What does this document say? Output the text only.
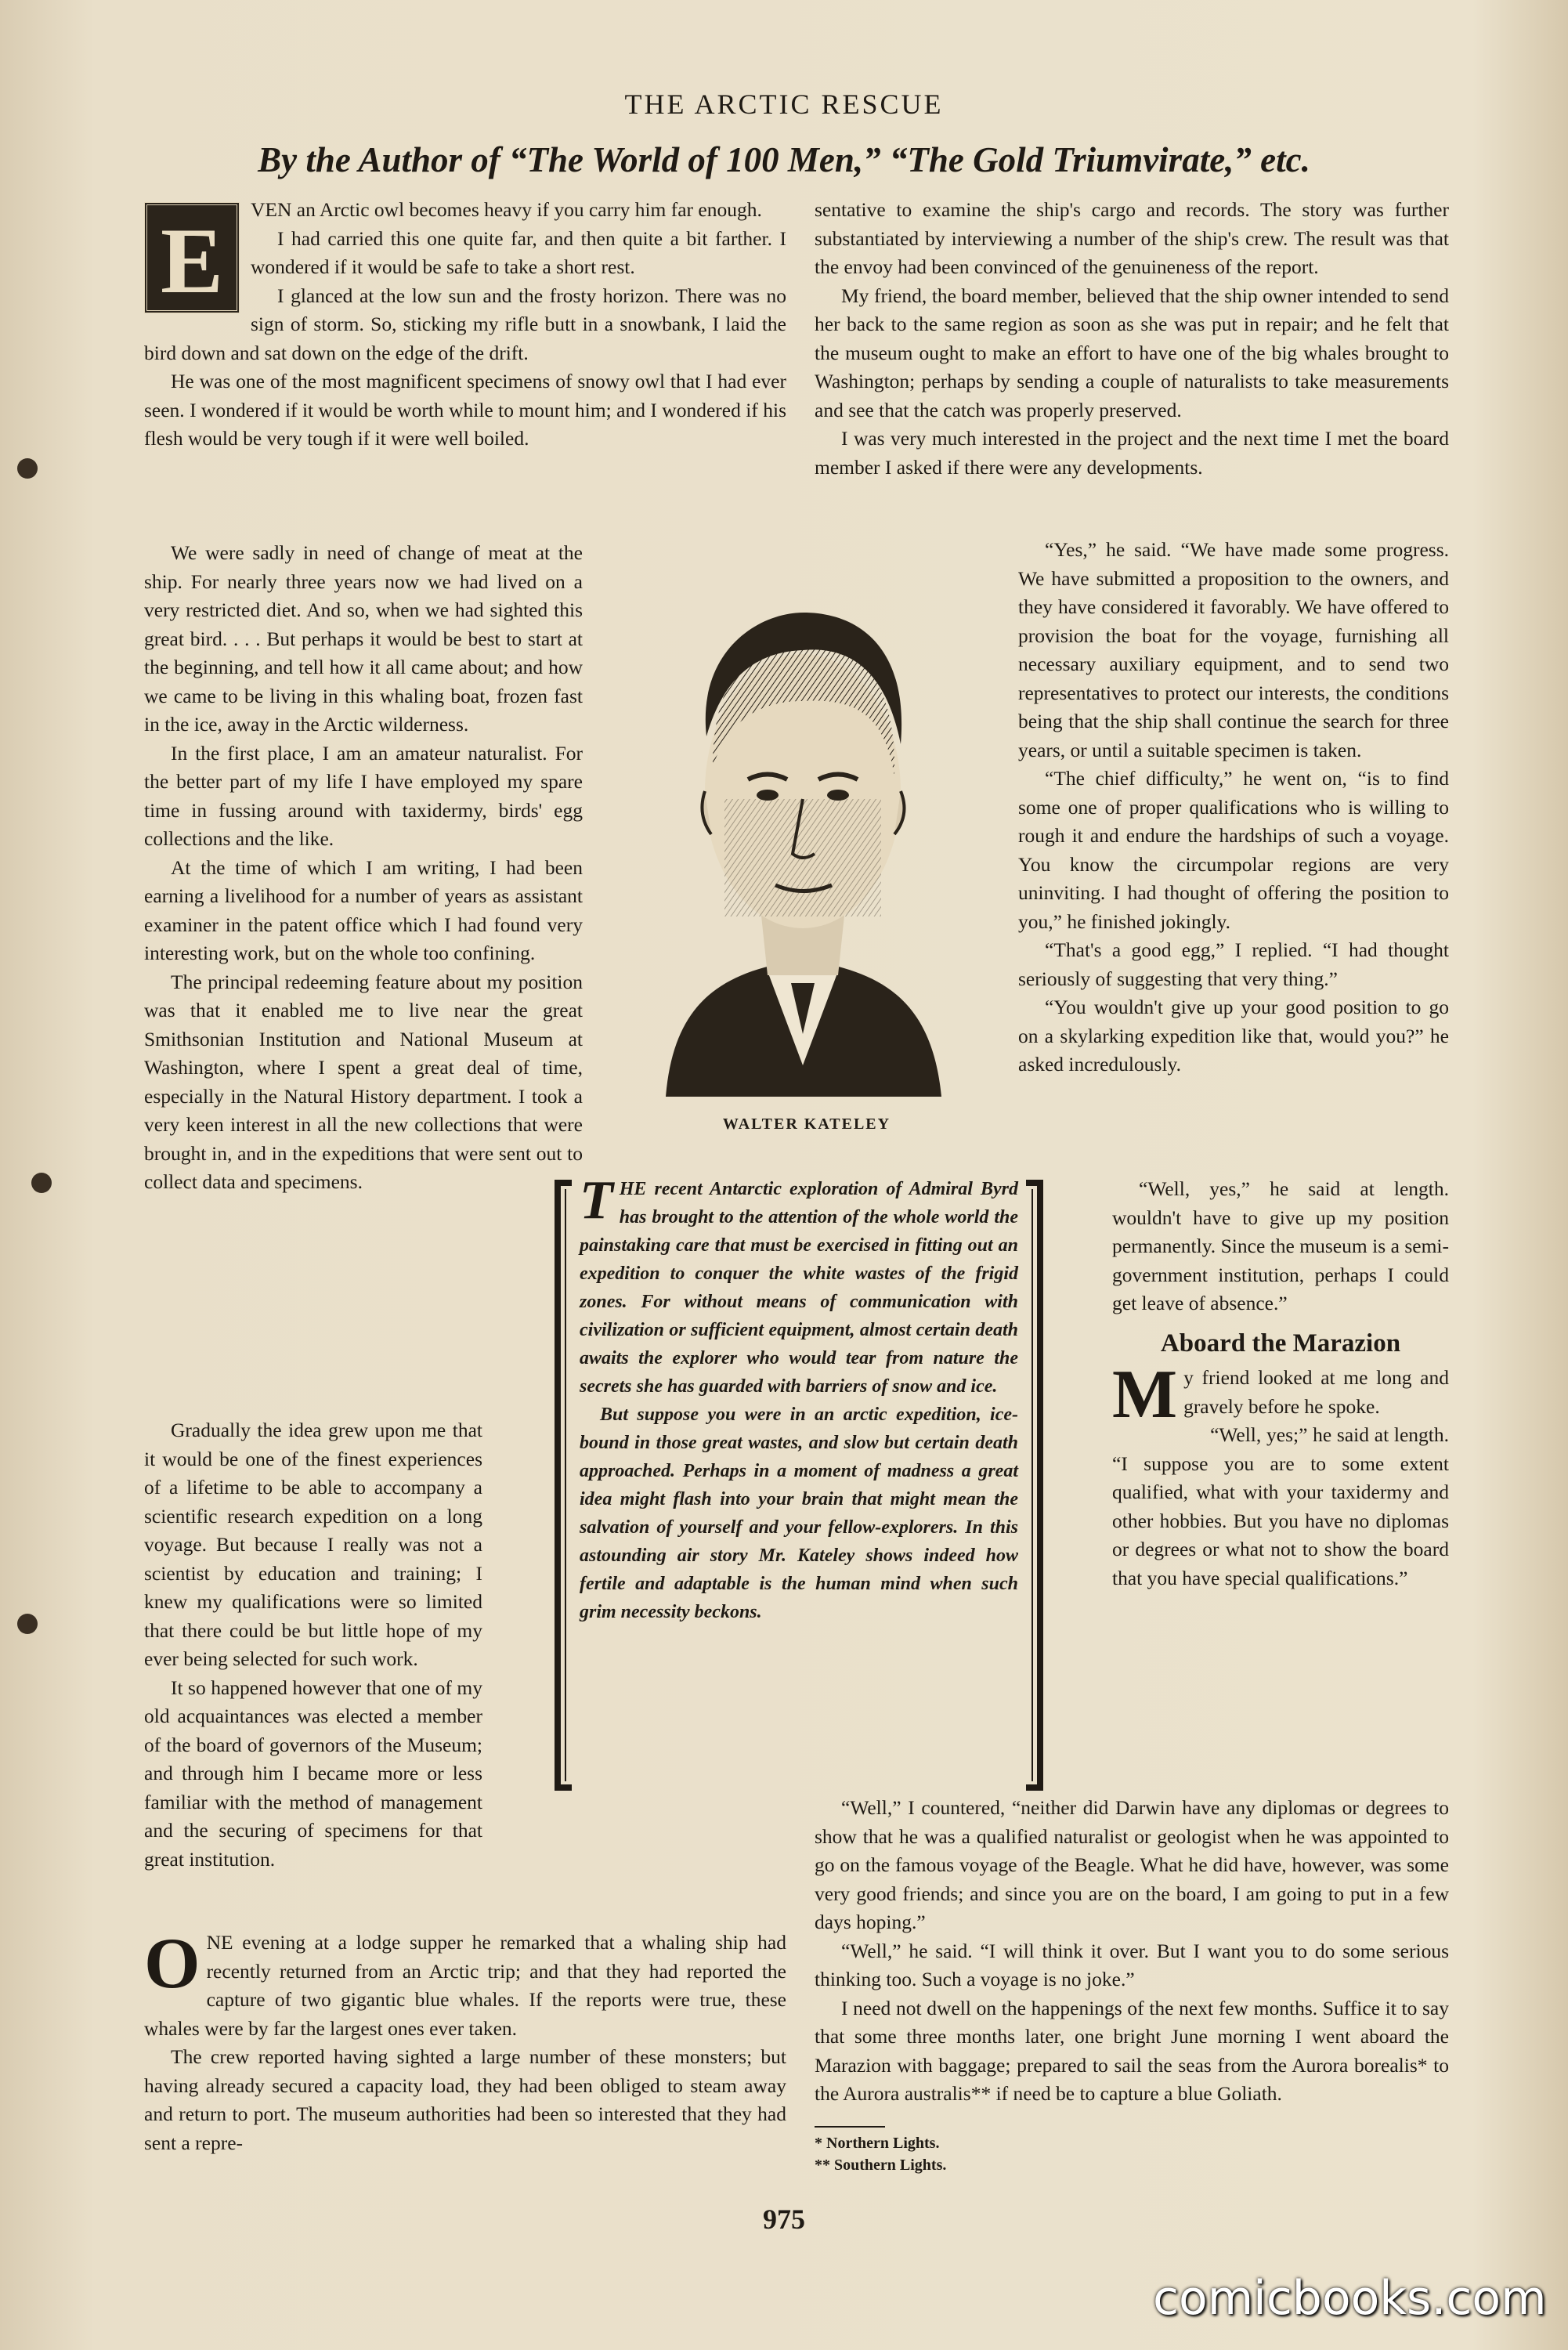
THE ARCTIC RESCUE
By the Author of “The World of 100 Men,” “The Gold Triumvirate,” etc.
E	VEN an Arctic owl becomes heavy if you carry him far enough.

I had carried this one quite far, and then quite a bit farther. I wondered if it would be safe to take a short rest.

I glanced at the low sun and the frosty horizon. There was no sign of storm. So, sticking my rifle butt in a snowbank, I laid the bird down and sat down on the edge of the drift.

He was one of the most magnificent specimens of snowy owl that I had ever seen. I wondered if it would be worth while to mount him; and I wondered if his flesh would be very tough if it were well boiled.

We were sadly in need of change of meat at the ship. For nearly three years now we had lived on a very restricted diet. And so, when we had sighted this great bird. . . . But perhaps it would be best to start at the beginning, and tell how it all came about; and how we came to be living in this whaling boat, frozen fast in the ice, away in the Arctic wilderness.

In the first place, I am an amateur naturalist. For the better part of my life I have employed my spare time in fussing around with taxidermy, birds' egg collections and the like.

At the time of which I am writing, I had been earning a livelihood for a number of years as assistant examiner in the patent office which I had found very interesting work, but on the whole too confining.

The principal redeeming feature about my position was that it enabled me to live near the great Smithsonian Institution and National Museum at Washington, where I spent a great deal of time, especially in the Natural History department. I took a very keen interest in all the new collections that were brought in, and in the expeditions that were sent out to collect data and specimens.

Gradually the idea grew upon me that it would be one of the finest experiences of a lifetime to be able to accompany a scientific research expedition on a long voyage. But because I really was not a scientist by education and training; I knew my qualifications were so limited that there could be but little hope of my ever being selected for such work.

It so happened however that one of my old acquaintances was elected a member of the board of governors of the Museum; and through him I became more or less familiar with the method of management and the securing of specimens for that great institution.

ONE evening at a lodge supper he remarked that a whaling ship had recently returned from an Arctic trip; and that they had reported the capture of two gigantic blue whales. If the reports were true, these whales were by far the largest ones ever taken.

The crew reported having sighted a large number of these monsters; but having already secured a capacity load, they had been obliged to steam away and return to port. The museum authorities had been so interested that they had sent a repre-

sentative to examine the ship's cargo and records. The story was further substantiated by interviewing a number of the ship's crew. The result was that the envoy had been convinced of the genuineness of the report.

My friend, the board member, believed that the ship owner intended to send her back to the same region as soon as she was put in repair; and he felt that the museum ought to make an effort to have one of the big whales brought to Washington; perhaps by sending a couple of naturalists to take measurements and see that the catch was properly preserved.

I was very much interested in the project and the next time I met the board member I asked if there were any developments.

“Yes,” he said. “We have made some progress. We have submitted a proposition to the owners, and they have considered it favorably. We have offered to provision the boat for the voyage, furnishing all necessary auxiliary equipment, and to send two representatives to protect our interests, the conditions being that the ship shall continue the search for three years, or until a suitable specimen is taken.

“The chief difficulty,” he went on, “is to find some one of proper qualifications who is willing to rough it and endure the hardships of such a voyage. You know the circumpolar regions are very uninviting. I had thought of offering the position to you,” he finished jokingly.

“That's a good egg,” I replied. “I had thought seriously of suggesting that very thing.”

“You wouldn't give up your good position to go on a skylarking expedition like that, would you?” he asked incredulously.

“Well, yes,” he said at length. wouldn't have to give up my position permanently. Since the museum is a semi-government institution, perhaps I could get leave of absence.”

Aboard the Marazion

My friend looked at me long and gravely before he spoke.

“Well, yes;” he said at length. “I suppose you are to some extent qualified, what with your taxidermy and other hobbies. But you have no diplomas or degrees or what not to show the board that you have special qualifications.”

“Well,” I countered, “neither did Darwin have any diplomas or degrees to show that he was a qualified naturalist or geologist when he was appointed to go on the famous voyage of the Beagle. What he did have, however, was some very good friends; and since you are on the board, I am going to put in a few days hoping.”

“Well,” he said. “I will think it over. But I want you to do some serious thinking too. Such a voyage is no joke.”

I need not dwell on the happenings of the next few months. Suffice it to say that some three months later, one bright June morning I went aboard the Marazion with baggage; prepared to sail the seas from the Aurora borealis* to the Aurora australis** if need be to capture a blue Goliath.

WALTER KATELEY

THE recent Antarctic exploration of Admiral Byrd has brought to the attention of the whole world the painstaking care that must be exercised in fitting out an expedition to conquer the white wastes of the frigid zones. For without means of communication with civilization or sufficient equipment, almost certain death awaits the explorer who would tear from nature the secrets she has guarded with barriers of snow and ice.

But suppose you were in an arctic expedition, ice-bound in those great wastes, and slow but certain death approached. Perhaps in a moment of madness a great idea might flash into your brain that might mean the salvation of yourself and your fellow-explorers. In this astounding air story Mr. Kateley shows indeed how fertile and adaptable is the human mind when such grim necessity beckons.

* Northern Lights.
** Southern Lights.
975
comicbooks.com
